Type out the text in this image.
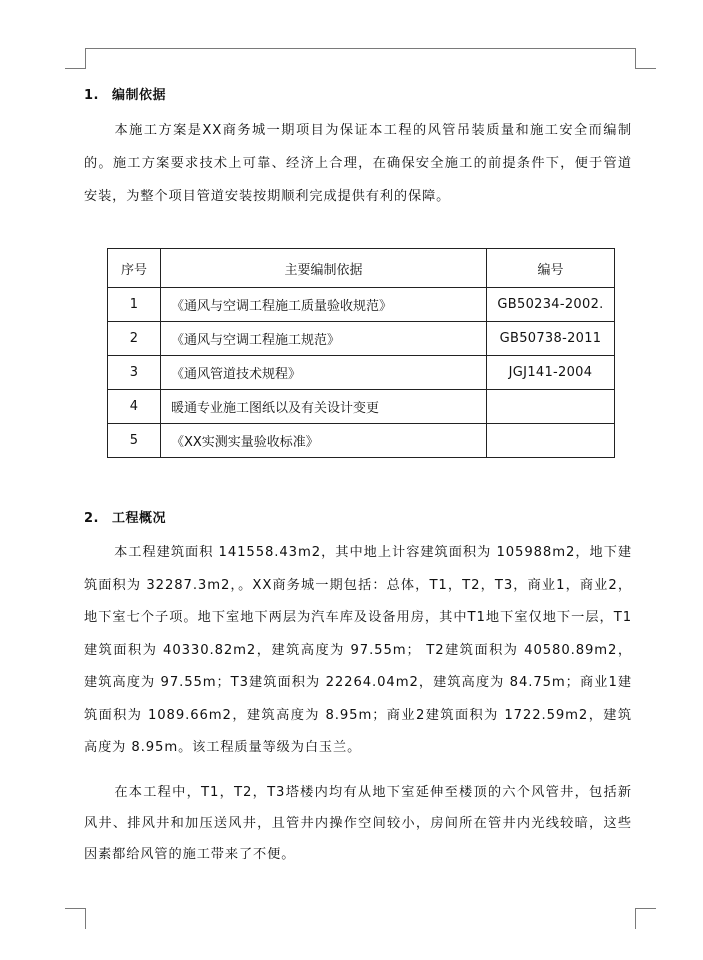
1. 编制依据

本施工方案是XX商务城一期项目为保证本工程的风管吊装质量和施工安全而编制的。施工方案要求技术上可靠、经济上合理，在确保安全施工的前提条件下，便于管道安装，为整个项目管道安装按期顺利完成提供有利的保障。

序号	主要编制依据	编号
1	《通风与空调工程施工质量验收规范》	GB50234-2002.
2	《通风与空调工程施工规范》	GB50738-2011
3	《通风管道技术规程》	JGJ141-2004
4	暖通专业施工图纸以及有关设计变更	
5	《XX实测实量验收标准》	
2. 工程概况

本工程建筑面积 141558.43m2，其中地上计容建筑面积为 105988m2，地下建筑面积为 32287.3m2，。XX商务城一期包括：总体，T1，T2，T3，商业1，商业2，地下室七个子项。地下室地下两层为汽车库及设备用房，其中T1地下室仅地下一层，T1建筑面积为 40330.82m2，建筑高度为 97.55m； T2建筑面积为 40580.89m2，建筑高度为 97.55m；T3建筑面积为 22264.04m2，建筑高度为 84.75m；商业1建筑面积为 1089.66m2，建筑高度为 8.95m；商业2建筑面积为 1722.59m2，建筑高度为 8.95m。该工程质量等级为白玉兰。

在本工程中，T1，T2，T3塔楼内均有从地下室延伸至楼顶的六个风管井，包括新风井、排风井和加压送风井，且管井内操作空间较小，房间所在管井内光线较暗，这些因素都给风管的施工带来了不便。
